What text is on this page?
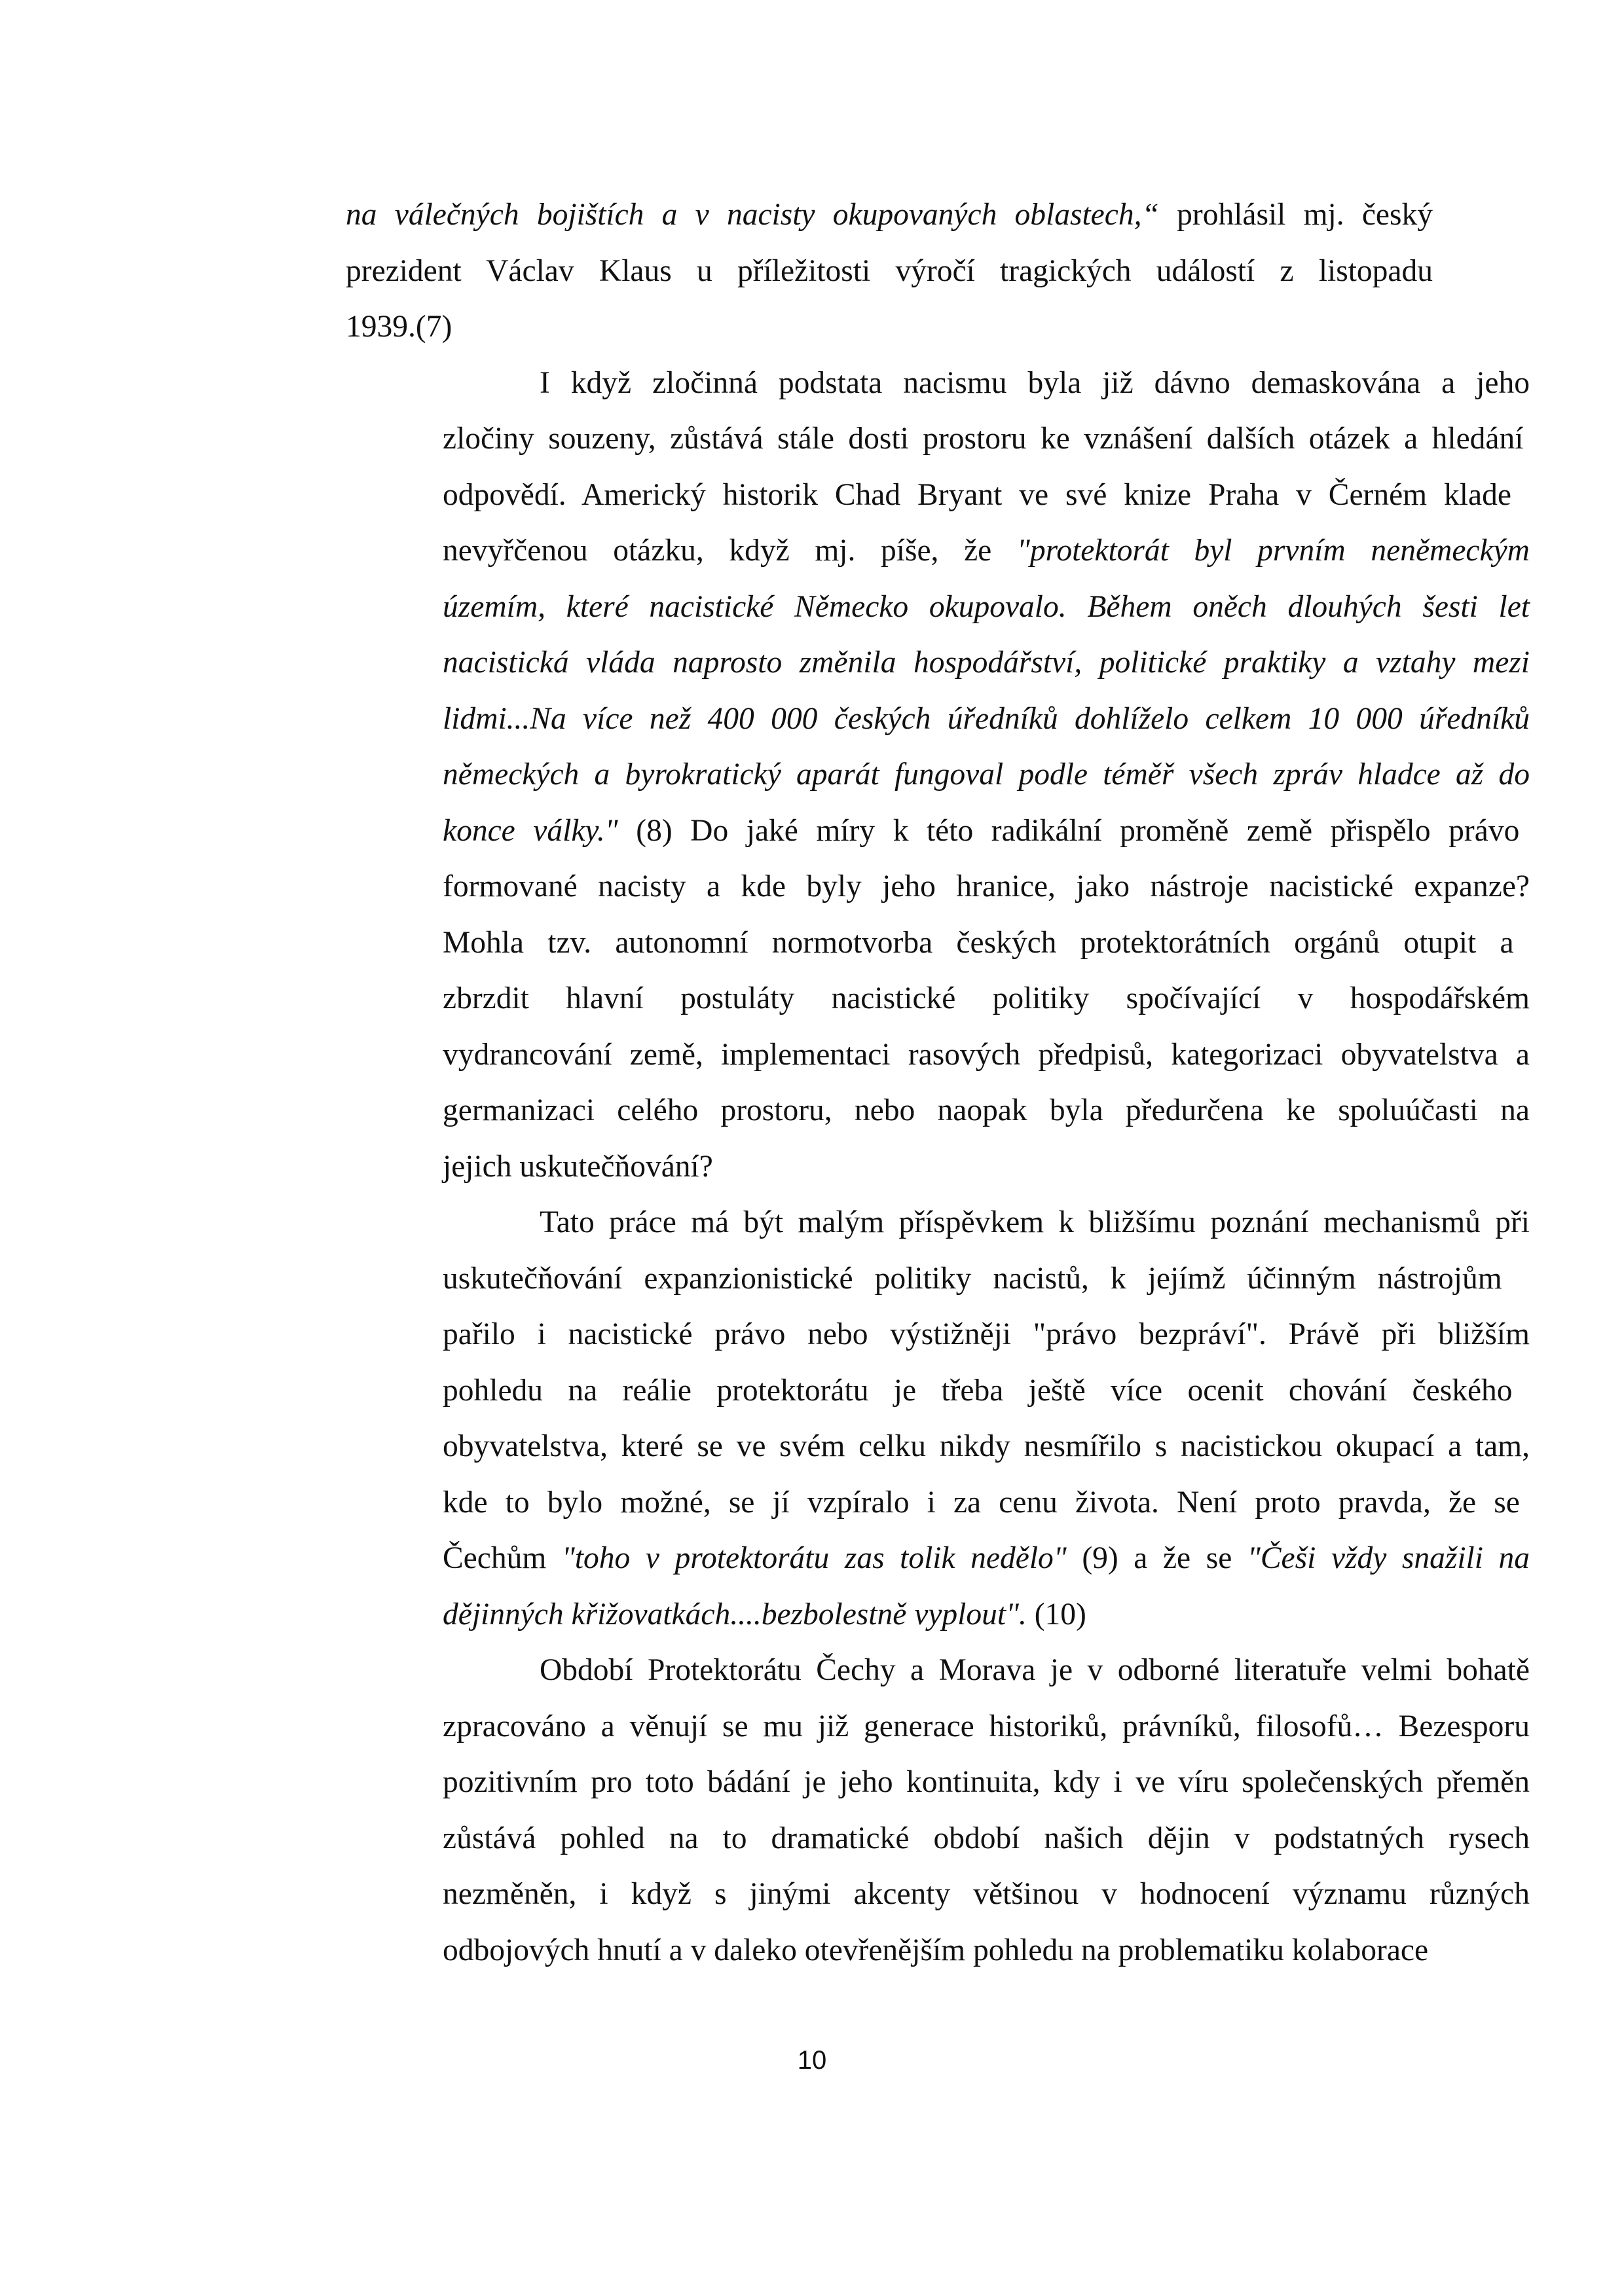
na válečných bojištích a v nacisty okupovaných oblastech,“ prohlásil mj. český
prezident Václav Klaus u příležitosti výročí tragických událostí z listopadu
1939.(7)
I když zločinná podstata nacismu byla již dávno demaskována a jeho
zločiny souzeny, zůstává stále dosti prostoru ke vznášení dalších otázek a hledání
odpovědí. Americký historik Chad Bryant ve své knize Praha v Černém klade
nevyřčenou otázku, když mj. píše, že "protektorát byl prvním neněmeckým
územím, které nacistické Německo okupovalo. Během oněch dlouhých šesti let
nacistická vláda naprosto změnila hospodářství, politické praktiky a vztahy mezi
lidmi...Na více než 400 000 českých úředníků dohlíželo celkem 10 000 úředníků
německých a byrokratický aparát fungoval podle téměř všech zpráv hladce až do
konce války." (8) Do jaké míry k této radikální proměně země přispělo právo
formované nacisty a kde byly jeho hranice, jako nástroje nacistické expanze?
Mohla tzv. autonomní normotvorba českých protektorátních orgánů otupit a
zbrzdit hlavní postuláty nacistické politiky spočívající v hospodářském
vydrancování země, implementaci rasových předpisů, kategorizaci obyvatelstva a
germanizaci celého prostoru, nebo naopak byla předurčena ke spoluúčasti na
jejich uskutečňování?
Tato práce má být malým příspěvkem k bližšímu poznání mechanismů při
uskutečňování expanzionistické politiky nacistů, k jejímž účinným nástrojům
pařilo i nacistické právo nebo výstižněji "právo bezpráví". Právě při bližším
pohledu na reálie protektorátu je třeba ještě více ocenit chování českého
obyvatelstva, které se ve svém celku nikdy nesmířilo s nacistickou okupací a tam,
kde to bylo možné, se jí vzpíralo i za cenu života. Není proto pravda, že se
Čechům "toho v protektorátu zas tolik nedělo" (9) a že se "Češi vždy snažili na
dějinných křižovatkách....bezbolestně vyplout". (10)
Období Protektorátu Čechy a Morava je v odborné literatuře velmi bohatě
zpracováno a věnují se mu již generace historiků, právníků, filosofů… Bezesporu
pozitivním pro toto bádání je jeho kontinuita, kdy i ve víru společenských přeměn
zůstává pohled na to dramatické období našich dějin v podstatných rysech
nezměněn, i když s jinými akcenty většinou v hodnocení významu různých
odbojových hnutí a v daleko otevřenějším pohledu na problematiku kolaborace
10
